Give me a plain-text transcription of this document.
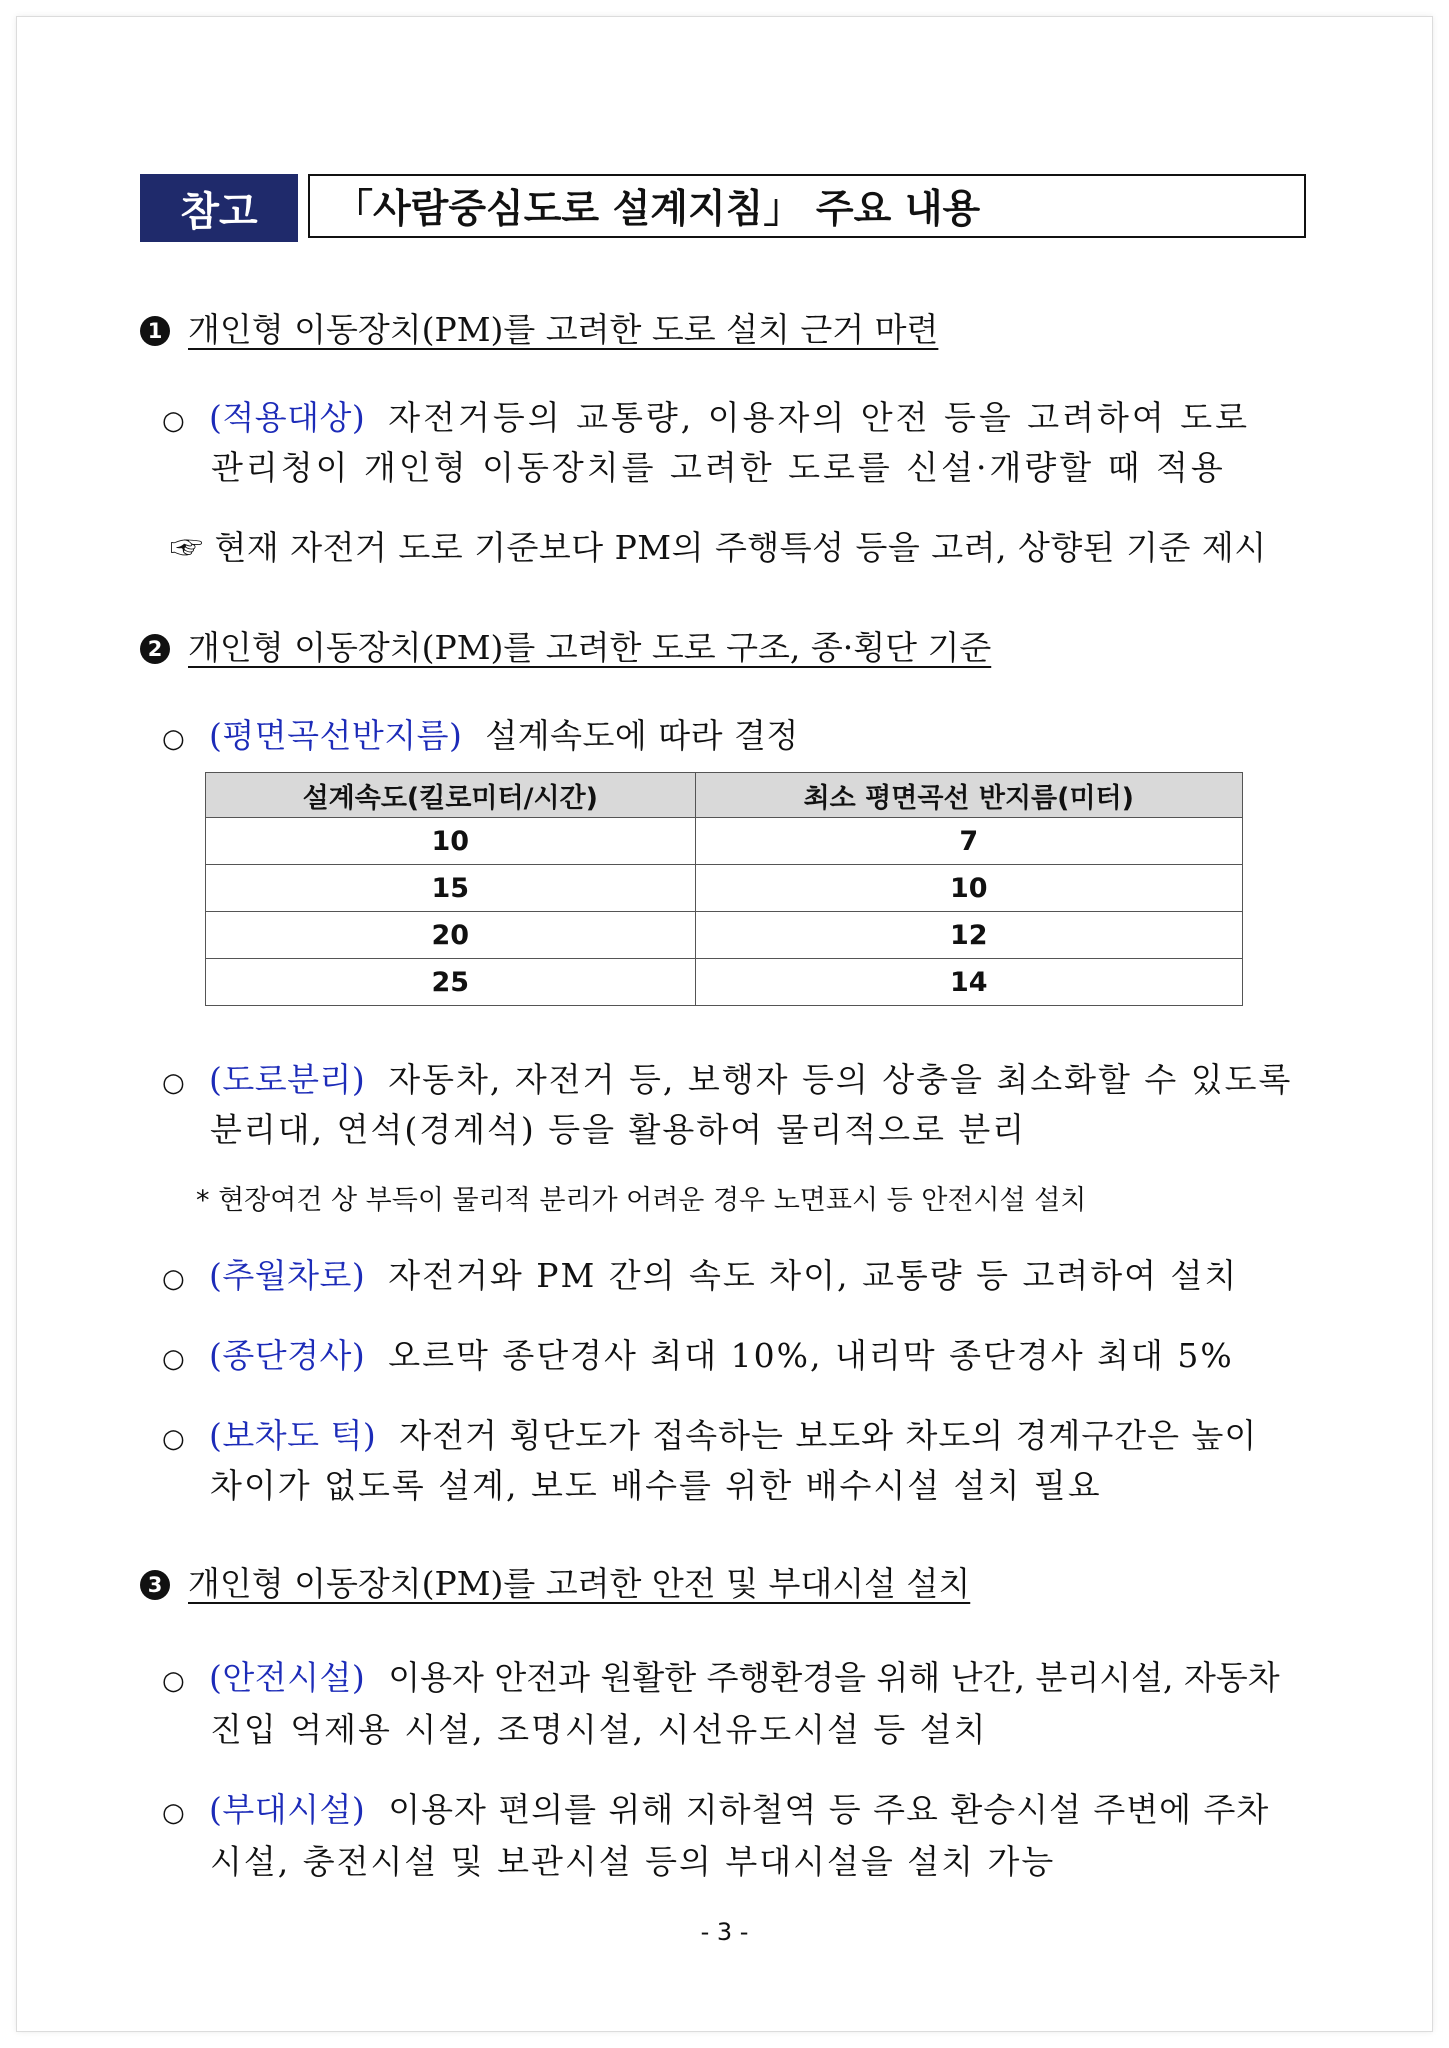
참고	「사람중심도로 설계지침」 주요 내용
1 개인형 이동장치(PM)를 고려한 도로 설치 근거 마련
○ (적용대상) 자전거등의 교통량, 이용자의 안전 등을 고려하여 도로
관리청이 개인형 이동장치를 고려한 도로를 신설·개량할 때 적용
☞ 현재 자전거 도로 기준보다 PM의 주행특성 등을 고려, 상향된 기준 제시
2 개인형 이동장치(PM)를 고려한 도로 구조, 종·횡단 기준
○ (평면곡선반지름) 설계속도에 따라 결정
설계속도(킬로미터/시간)	최소 평면곡선 반지름(미터)
10	7
15	10
20	12
25	14
○ (도로분리) 자동차, 자전거 등, 보행자 등의 상충을 최소화할 수 있도록
분리대, 연석(경계석) 등을 활용하여 물리적으로 분리
* 현장여건 상 부득이 물리적 분리가 어려운 경우 노면표시 등 안전시설 설치
○ (추월차로) 자전거와 PM 간의 속도 차이, 교통량 등 고려하여 설치
○ (종단경사) 오르막 종단경사 최대 10%, 내리막 종단경사 최대 5%
○ (보차도 턱) 자전거 횡단도가 접속하는 보도와 차도의 경계구간은 높이
차이가 없도록 설계, 보도 배수를 위한 배수시설 설치 필요
3 개인형 이동장치(PM)를 고려한 안전 및 부대시설 설치
○ (안전시설) 이용자 안전과 원활한 주행환경을 위해 난간, 분리시설, 자동차
진입 억제용 시설, 조명시설, 시선유도시설 등 설치
○ (부대시설) 이용자 편의를 위해 지하철역 등 주요 환승시설 주변에 주차
시설, 충전시설 및 보관시설 등의 부대시설을 설치 가능
- 3 -
